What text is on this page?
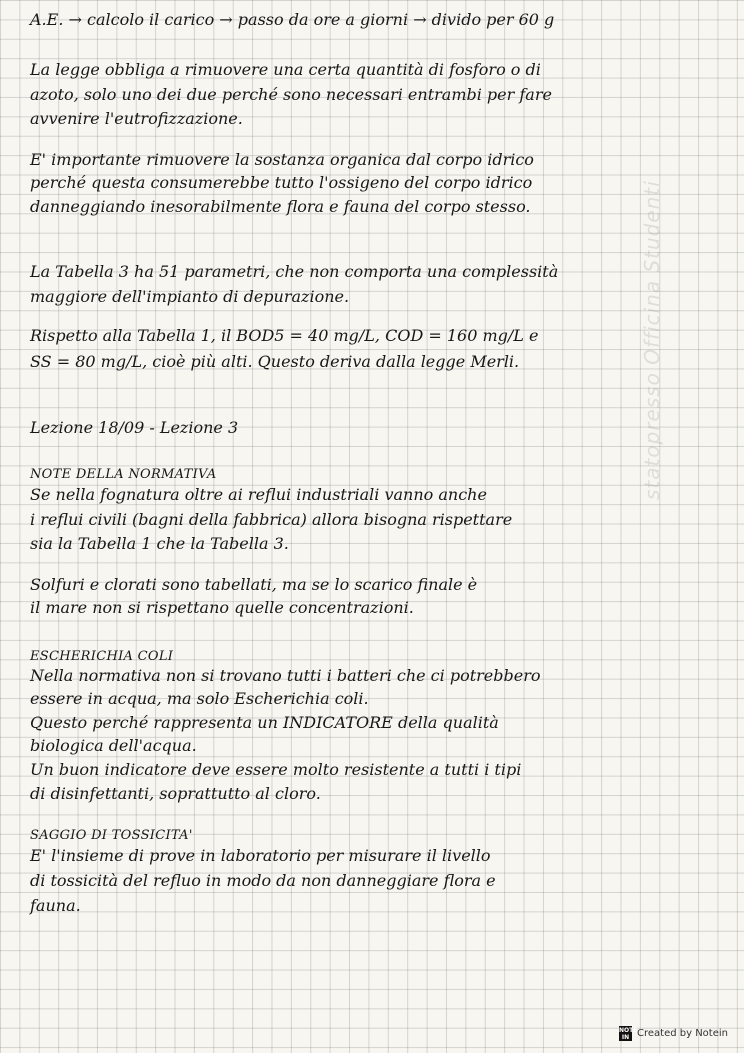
A.E. → calcolo il carico → passo da ore a giorni → divido per 60 g
La legge obbliga a rimuovere una certa quantità di fosforo o di
azoto, solo uno dei due perché sono necessari entrambi per fare
avvenire l'eutrofizzazione.
E' importante rimuovere la sostanza organica dal corpo idrico
perché questa consumerebbe tutto l'ossigeno del corpo idrico
danneggiando inesorabilmente flora e fauna del corpo stesso.
La Tabella 3 ha 51 parametri, che non comporta una complessità
maggiore dell'impianto di depurazione.
Rispetto alla Tabella 1, il BOD5 = 40 mg/L, COD = 160 mg/L e
SS = 80 mg/L, cioè più alti. Questo deriva dalla legge Merli.
Lezione 18/09 - Lezione 3
NOTE DELLA NORMATIVA
Se nella fognatura oltre ai reflui industriali vanno anche
i reflui civili (bagni della fabbrica) allora bisogna rispettare
sia la Tabella 1 che la Tabella 3.
Solfuri e clorati sono tabellati, ma se lo scarico finale è
il mare non si rispettano quelle concentrazioni.
ESCHERICHIA COLI
Nella normativa non si trovano tutti i batteri che ci potrebbero
essere in acqua, ma solo Escherichia coli.
Questo perché rappresenta un INDICATORE della qualità
biologica dell'acqua.
Un buon indicatore deve essere molto resistente a tutti i tipi
di disinfettanti, soprattutto al cloro.
SAGGIO DI TOSSICITA'
E' l'insieme di prove in laboratorio per misurare il livello
di tossicità del refluo in modo da non danneggiare flora e
fauna.
statopresso Officina Studenti
NOTE IN Created by Notein
